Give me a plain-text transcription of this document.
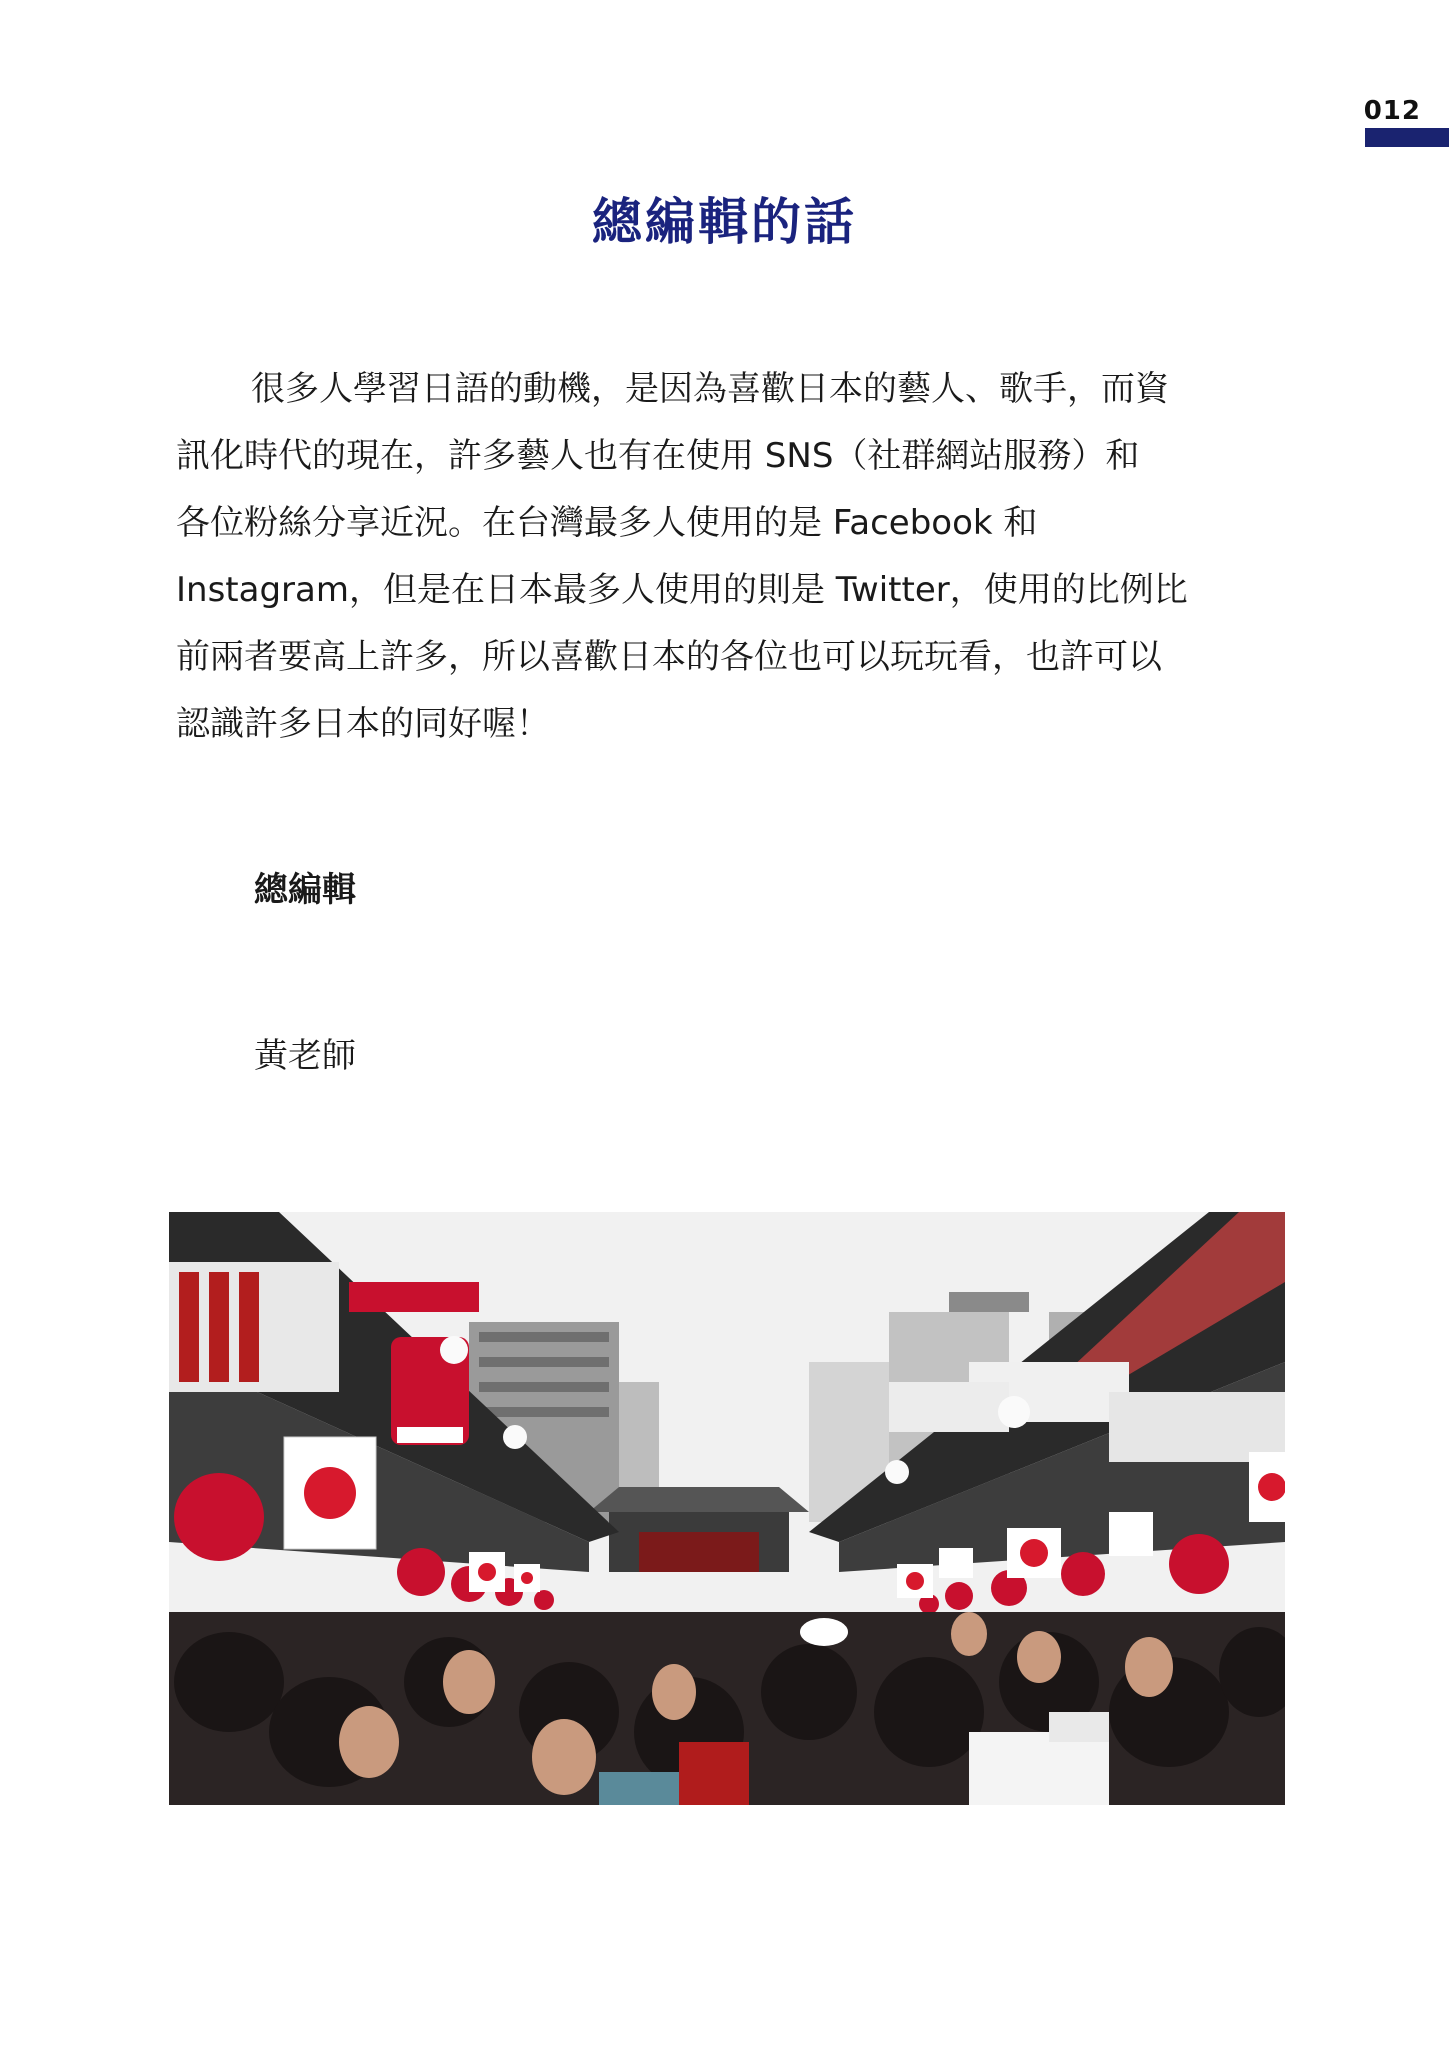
012
總編輯的話
很多人學習日語的動機，是因為喜歡日本的藝人、歌手，而資
訊化時代的現在，許多藝人也有在使用 SNS（社群網站服務）和
各位粉絲分享近況。在台灣最多人使用的是 Facebook 和
Instagram，但是在日本最多人使用的則是 Twitter，使用的比例比
前兩者要高上許多，所以喜歡日本的各位也可以玩玩看，也許可以
認識許多日本的同好喔！
總編輯
黃老師
